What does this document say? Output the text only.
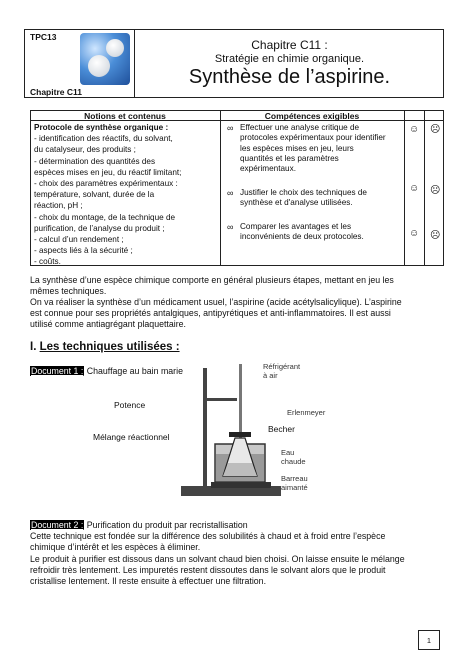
TPC13
Chapitre C11
Chapitre C11 :
Stratégie en chimie organique.
Synthèse de l’aspirine.
Notions et contenus	Compétences exigibles
Protocole de synthèse organique :
- identification des réactifs, du solvant,
du catalyseur, des produits ;
- détermination des quantités des
espèces mises en jeu, du réactif limitant;
- choix des paramètres expérimentaux :
température, solvant, durée de la
réaction, pH ;
- choix du montage, de la technique de
purification, de l’analyse du produit ;
- calcul d’un rendement ;
- aspects liés à la sécurité ;
- coûts.
∞ Effectuer une analyse critique de
protocoles expérimentaux pour identifier
les espèces mises en jeu, leurs
quantités et les paramètres
expérimentaux.
☺ ☹
∞ Justifier le choix des techniques de
synthèse et d'analyse utilisées.
☺ ☹
∞ Comparer les avantages et les
inconvénients de deux protocoles.	☺ ☹
La synthèse d’une espèce chimique comporte en général plusieurs étapes, mettant en jeu les
mêmes techniques.
On va réaliser la synthèse d’un médicament usuel, l’aspirine (acide acétylsalicylique). L’aspirine
est connue pour ses propriétés antalgiques, antipyrétiques et anti-inflammatoires. Il est aussi
utilisé comme antiagrégant plaquettaire.
I. Les techniques utilisées :
Document 1 : Chauffage au bain marie
Potence
Mélange réactionnel
Réfrigérant
à air
Erlenmeyer
Becher
Eau
chaude
Barreau
aimanté
Document 2 : Purification du produit par recristallisation
Cette technique est fondée sur la différence des solubilités à chaud et à froid entre l’espèce
chimique d’intérêt et les espèces à éliminer.
Le produit à purifier est dissous dans un solvant chaud bien choisi. On laisse ensuite le mélange
refroidir très lentement. Les impuretés restent dissoutes dans le solvant alors que le produit
cristallise lentement. Il reste ensuite à effectuer une filtration.
1
